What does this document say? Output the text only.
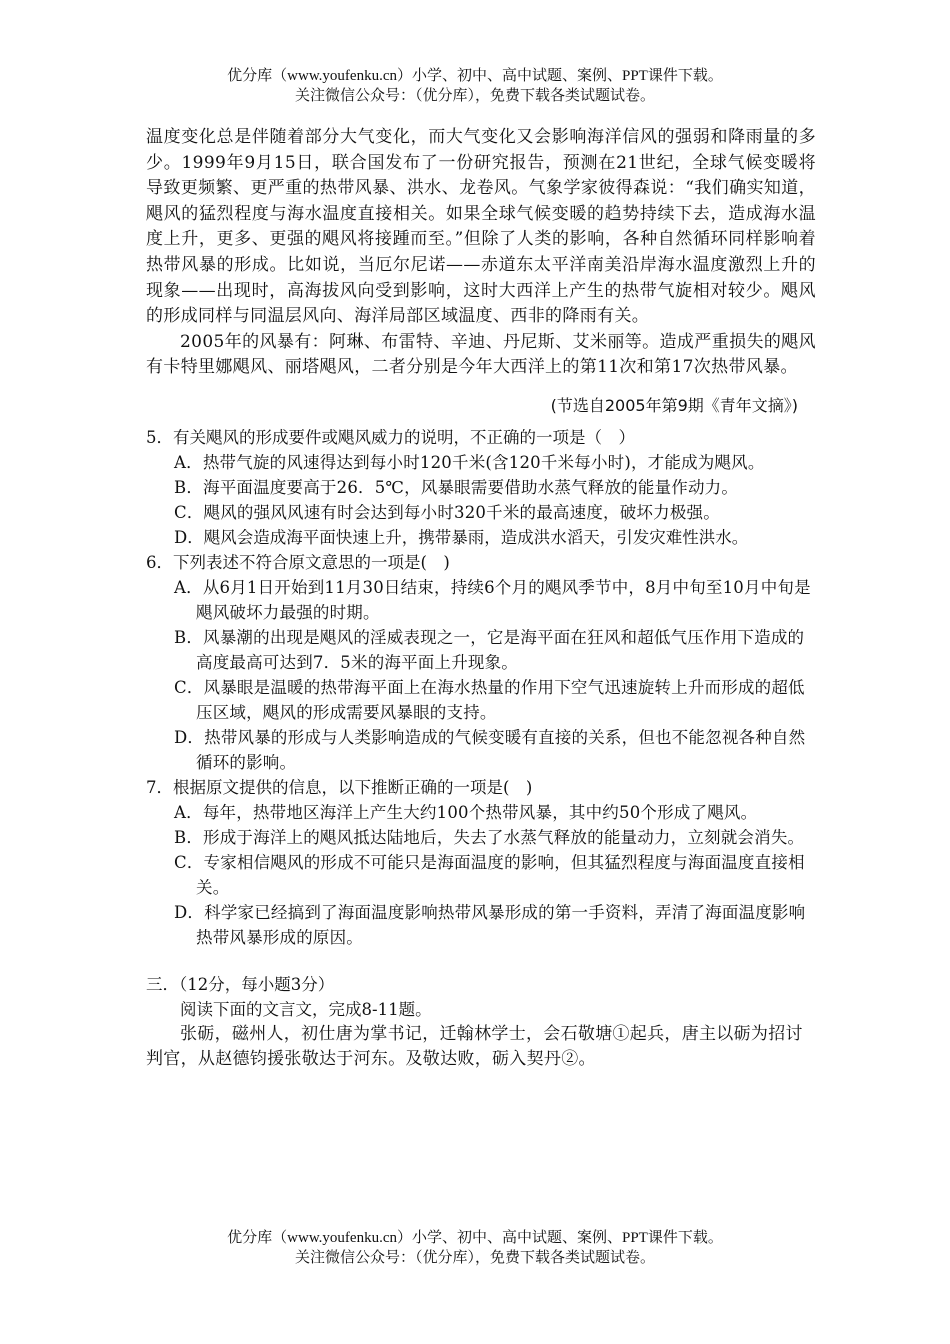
优分库（www.youfenku.cn）小学、初中、高中试题、案例、PPT课件下载。
关注微信公众号：（优分库），免费下载各类试题试卷。

温度变化总是伴随着部分大气变化，而大气变化又会影响海洋信风的强弱和降雨量的多少。1999年9月15日，联合国发布了一份研究报告，预测在21世纪，全球气候变暖将导致更频繁、更严重的热带风暴、洪水、龙卷风。气象学家彼得森说：“我们确实知道，飓风的猛烈程度与海水温度直接相关。如果全球气候变暖的趋势持续下去，造成海水温度上升，更多、更强的飓风将接踵而至。”但除了人类的影响，各种自然循环同样影响着热带风暴的形成。比如说，当厄尔尼诺——赤道东太平洋南美沿岸海水温度激烈上升的现象——出现时，高海拔风向受到影响，这时大西洋上产生的热带气旋相对较少。飓风的形成同样与同温层风向、海洋局部区域温度、西非的降雨有关。

2005年的风暴有：阿琳、布雷特、辛迪、丹尼斯、艾米丽等。造成严重损失的飓风有卡特里娜飓风、丽塔飓风，二者分别是今年大西洋上的第11次和第17次热带风暴。

(节选自2005年第9期《青年文摘》)

5．有关飓风的形成要件或飓风威力的说明，不正确的一项是（　）

A．热带气旋的风速得达到每小时120千米(含120千米每小时)，才能成为飓风。

B．海平面温度要高于26．5℃，风暴眼需要借助水蒸气释放的能量作动力。

C．飓风的强风风速有时会达到每小时320千米的最高速度，破坏力极强。

D．飓风会造成海平面快速上升，携带暴雨，造成洪水滔天，引发灾难性洪水。

6．下列表述不符合原文意思的一项是(　)

A．从6月1日开始到11月30日结束，持续6个月的飓风季节中，8月中旬至10月中旬是飓风破坏力最强的时期。

B．风暴潮的出现是飓风的淫威表现之一，它是海平面在狂风和超低气压作用下造成的高度最高可达到7．5米的海平面上升现象。

C．风暴眼是温暖的热带海平面上在海水热量的作用下空气迅速旋转上升而形成的超低压区域，飓风的形成需要风暴眼的支持。

D．热带风暴的形成与人类影响造成的气候变暖有直接的关系，但也不能忽视各种自然循环的影响。

7．根据原文提供的信息，以下推断正确的一项是(　)

A．每年，热带地区海洋上产生大约100个热带风暴，其中约50个形成了飓风。

B．形成于海洋上的飓风抵达陆地后，失去了水蒸气释放的能量动力，立刻就会消失。

C．专家相信飓风的形成不可能只是海面温度的影响，但其猛烈程度与海面温度直接相关。

D．科学家已经搞到了海面温度影响热带风暴形成的第一手资料，弄清了海面温度影响热带风暴形成的原因。

三．（12分，每小题3分）

阅读下面的文言文，完成8-11题。

张砺，磁州人，初仕唐为掌书记，迁翰林学士，会石敬塘①起兵，唐主以砺为招讨判官，从赵德钧援张敬达于河东。及敬达败，砺入契丹②。

优分库（www.youfenku.cn）小学、初中、高中试题、案例、PPT课件下载。
关注微信公众号：（优分库），免费下载各类试题试卷。
